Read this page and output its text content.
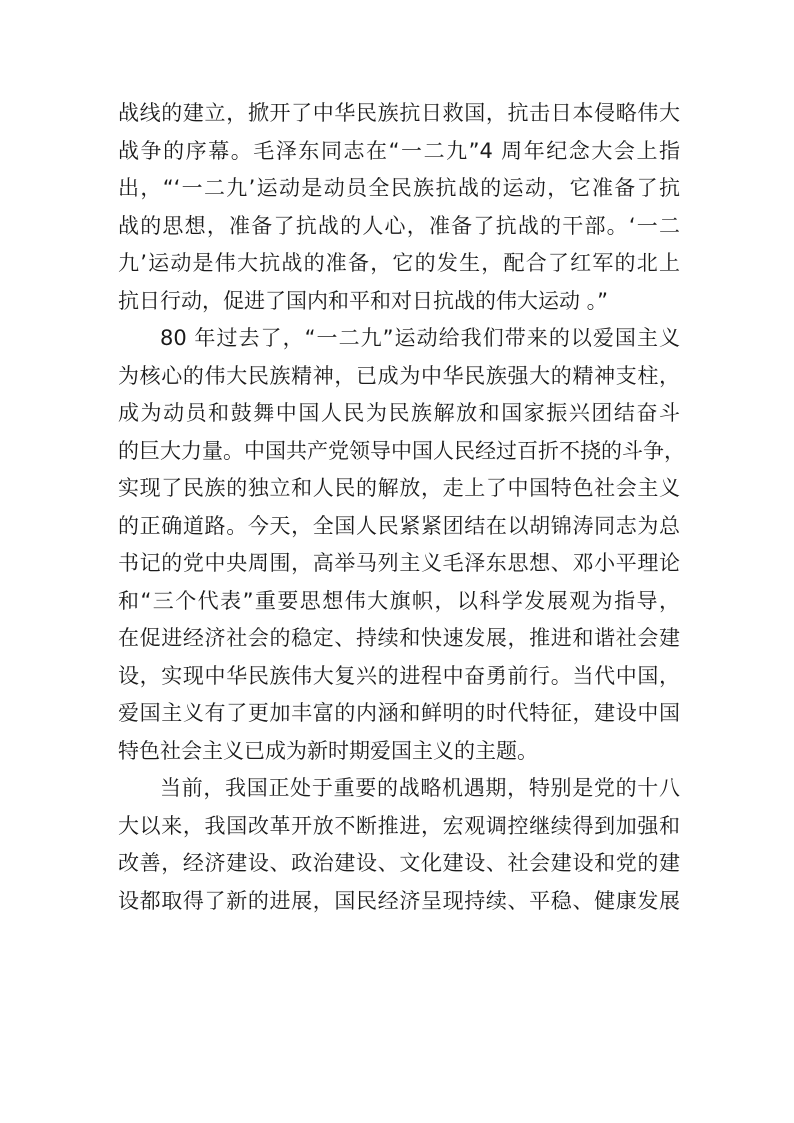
战线的建立，掀开了中华民族抗日救国，抗击日本侵略伟大
战争的序幕。毛泽东同志在“一二九”4 周年纪念大会上指
出，“‘一二九’运动是动员全民族抗战的运动，它准备了抗
战的思想，准备了抗战的人心，准备了抗战的干部。‘一二
九’运动是伟大抗战的准备，它的发生，配合了红军的北上
抗日行动，促进了国内和平和对日抗战的伟大运动 。”
80 年过去了，“一二九”运动给我们带来的以爱国主义
为核心的伟大民族精神，已成为中华民族强大的精神支柱，
成为动员和鼓舞中国人民为民族解放和国家振兴团结奋斗
的巨大力量。中国共产党领导中国人民经过百折不挠的斗争，
实现了民族的独立和人民的解放，走上了中国特色社会主义
的正确道路。今天，全国人民紧紧团结在以胡锦涛同志为总
书记的党中央周围，高举马列主义毛泽东思想、邓小平理论
和“三个代表”重要思想伟大旗帜，以科学发展观为指导，
在促进经济社会的稳定、持续和快速发展，推进和谐社会建
设，实现中华民族伟大复兴的进程中奋勇前行。当代中国，
爱国主义有了更加丰富的内涵和鲜明的时代特征，建设中国
特色社会主义已成为新时期爱国主义的主题。
当前，我国正处于重要的战略机遇期，特别是党的十八
大以来，我国改革开放不断推进，宏观调控继续得到加强和
改善，经济建设、政治建设、文化建设、社会建设和党的建
设都取得了新的进展，国民经济呈现持续、平稳、健康发展
